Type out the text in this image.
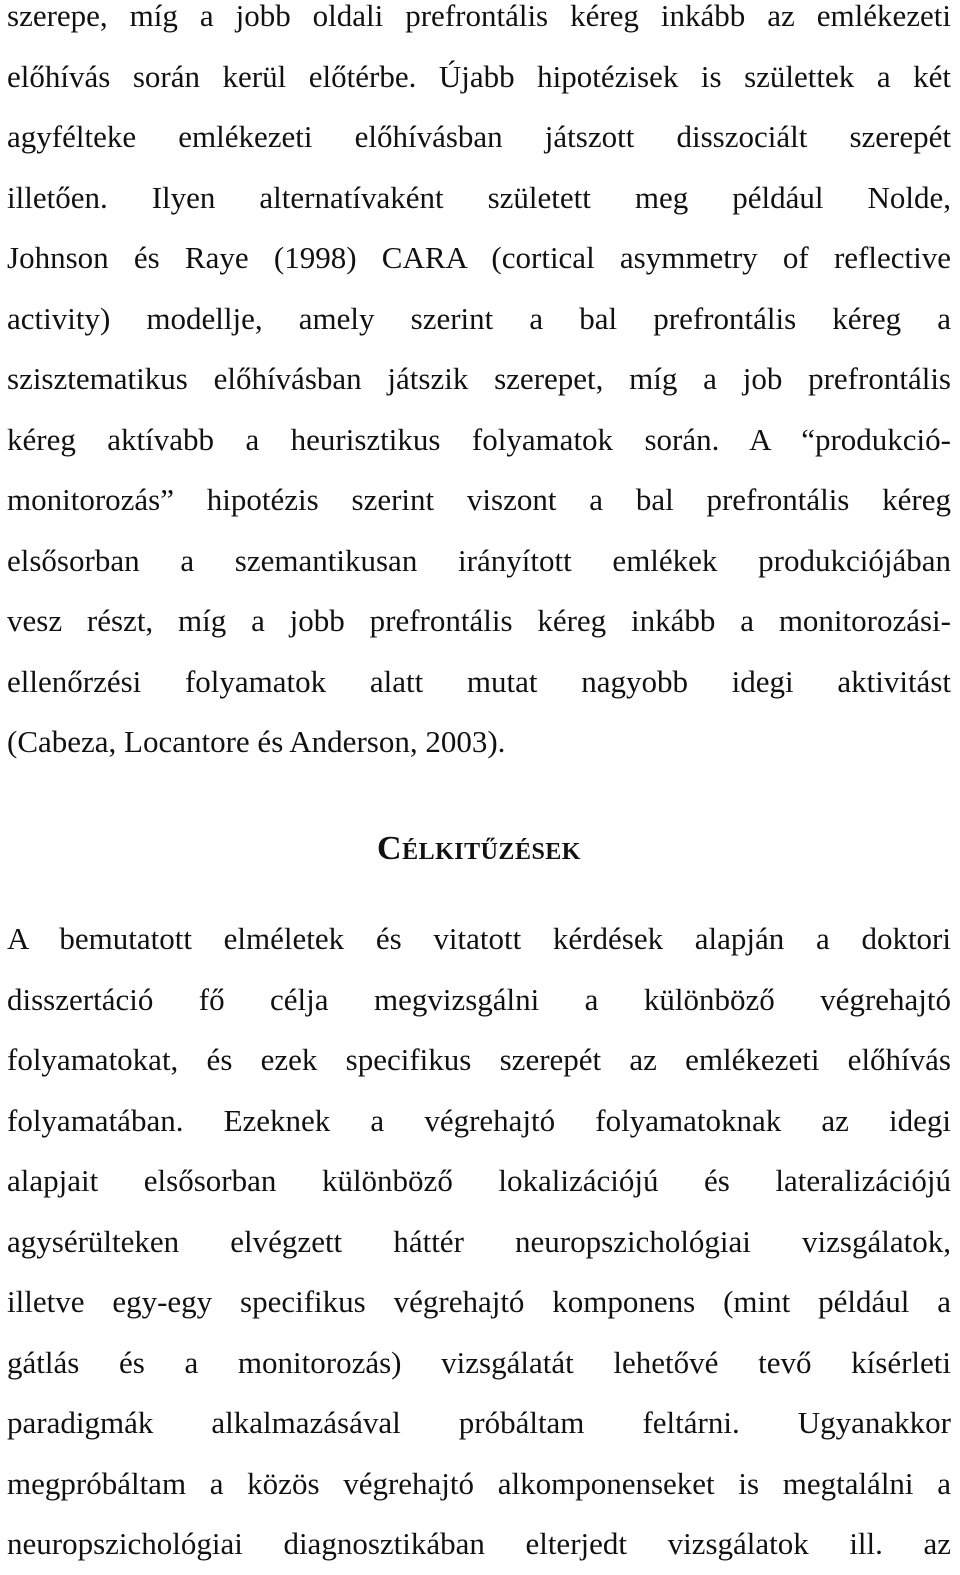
szerepe, míg a jobb oldali prefrontális kéreg inkább az emlékezeti
előhívás során kerül előtérbe. Újabb hipotézisek is születtek a két
agyfélteke emlékezeti előhívásban játszott disszociált szerepét
illetően. Ilyen alternatívaként született meg például Nolde,
Johnson és Raye (1998) CARA (cortical asymmetry of reflective
activity) modellje, amely szerint a bal prefrontális kéreg a
szisztematikus előhívásban játszik szerepet, míg a job prefrontális
kéreg aktívabb a heurisztikus folyamatok során. A “produkció-
monitorozás” hipotézis szerint viszont a bal prefrontális kéreg
elsősorban a szemantikusan irányított emlékek produkciójában
vesz részt, míg a jobb prefrontális kéreg inkább a monitorozási-
ellenőrzési folyamatok alatt mutat nagyobb idegi aktivitást
(Cabeza, Locantore és Anderson, 2003).
Célkitűzések
A bemutatott elméletek és vitatott kérdések alapján a doktori
disszertáció fő célja megvizsgálni a különböző végrehajtó
folyamatokat, és ezek specifikus szerepét az emlékezeti előhívás
folyamatában. Ezeknek a végrehajtó folyamatoknak az idegi
alapjait elsősorban különböző lokalizációjú és lateralizációjú
agysérülteken elvégzett háttér neuropszichológiai vizsgálatok,
illetve egy-egy specifikus végrehajtó komponens (mint például a
gátlás és a monitorozás) vizsgálatát lehetővé tevő kísérleti
paradigmák alkalmazásával próbáltam feltárni. Ugyanakkor
megpróbáltam a közös végrehajtó alkomponenseket is megtalálni a
neuropszichológiai diagnosztikában elterjedt vizsgálatok ill. az
